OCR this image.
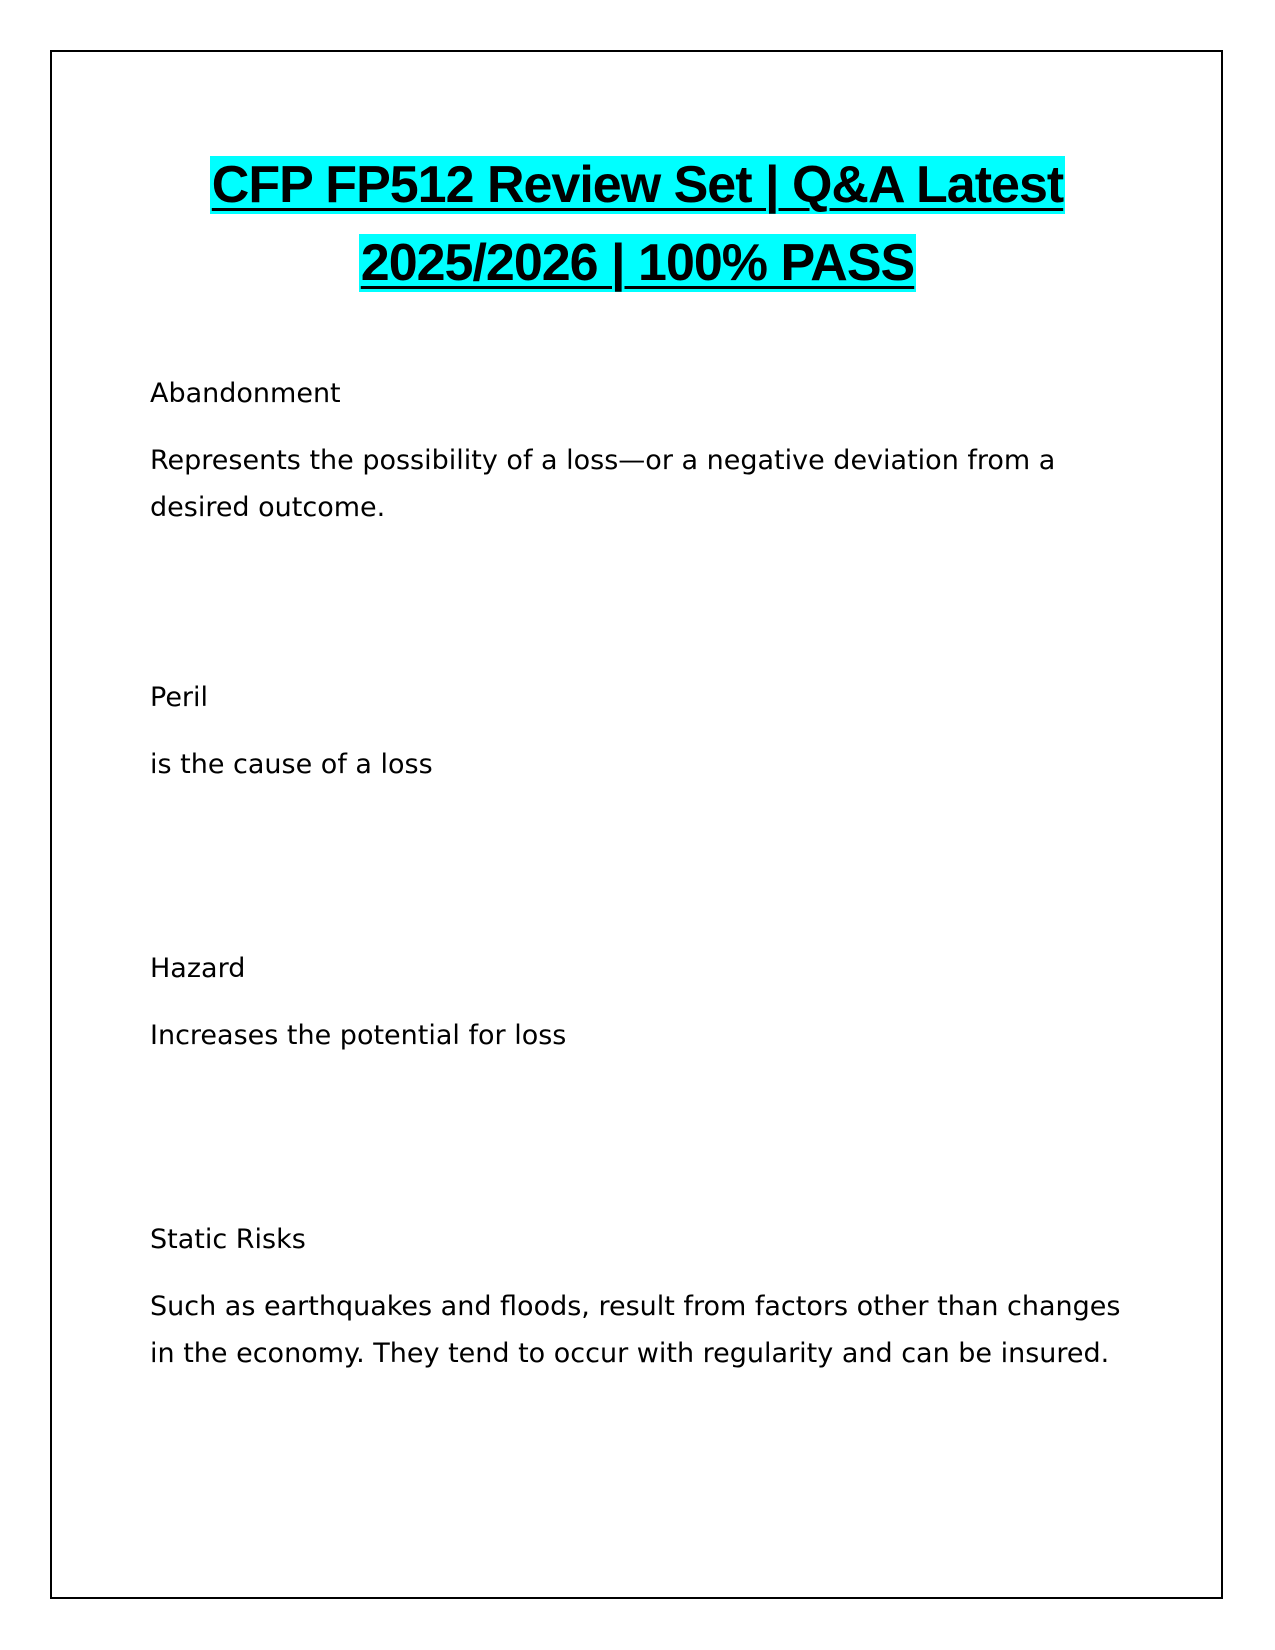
CFP FP512 Review Set | Q&A Latest
2025/2026 | 100% PASS

Abandonment

Represents the possibility of a loss—or a negative deviation from a desired outcome.

Peril

is the cause of a loss

Hazard

Increases the potential for loss

Static Risks

Such as earthquakes and floods, result from factors other than changes in the economy. They tend to occur with regularity and can be insured.
